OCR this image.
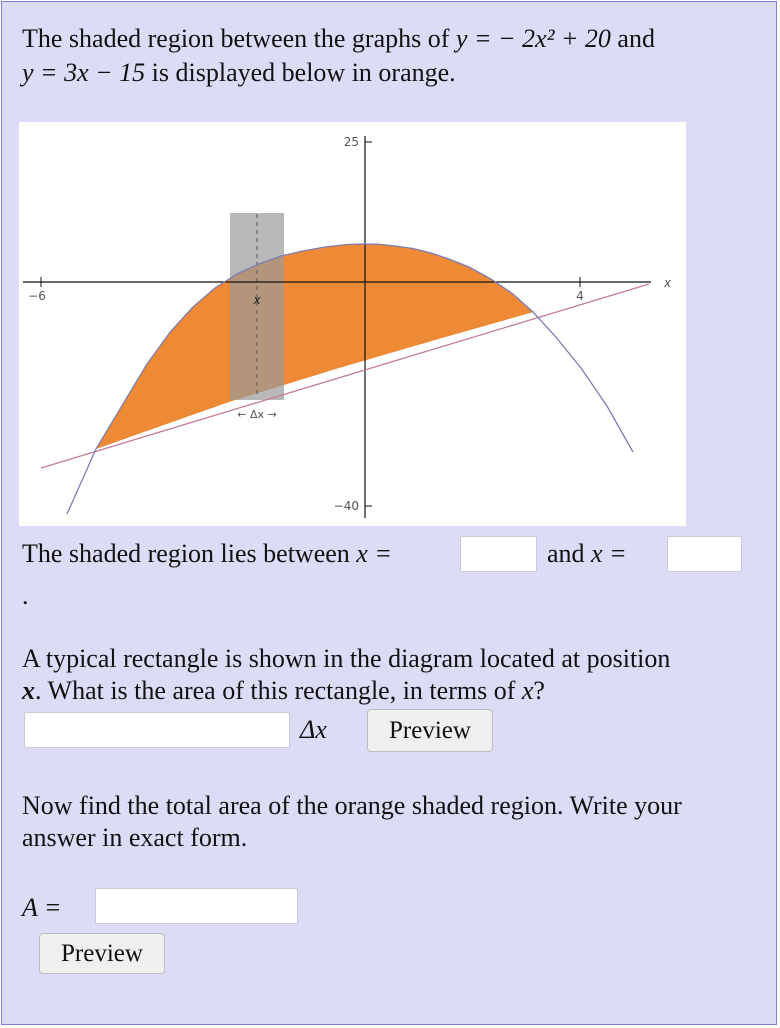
The shaded region between the graphs of y = − 2x² + 20 and
y = 3x − 15 is displayed below in orange.
25
−40
−6	4
x
x
← Δx →
The shaded region lies between x =	and x =
.
A typical rectangle is shown in the diagram located at position
x. What is the area of this rectangle, in terms of x?
Δx	Preview
Now find the total area of the orange shaded region. Write your
answer in exact form.
A =
Preview
